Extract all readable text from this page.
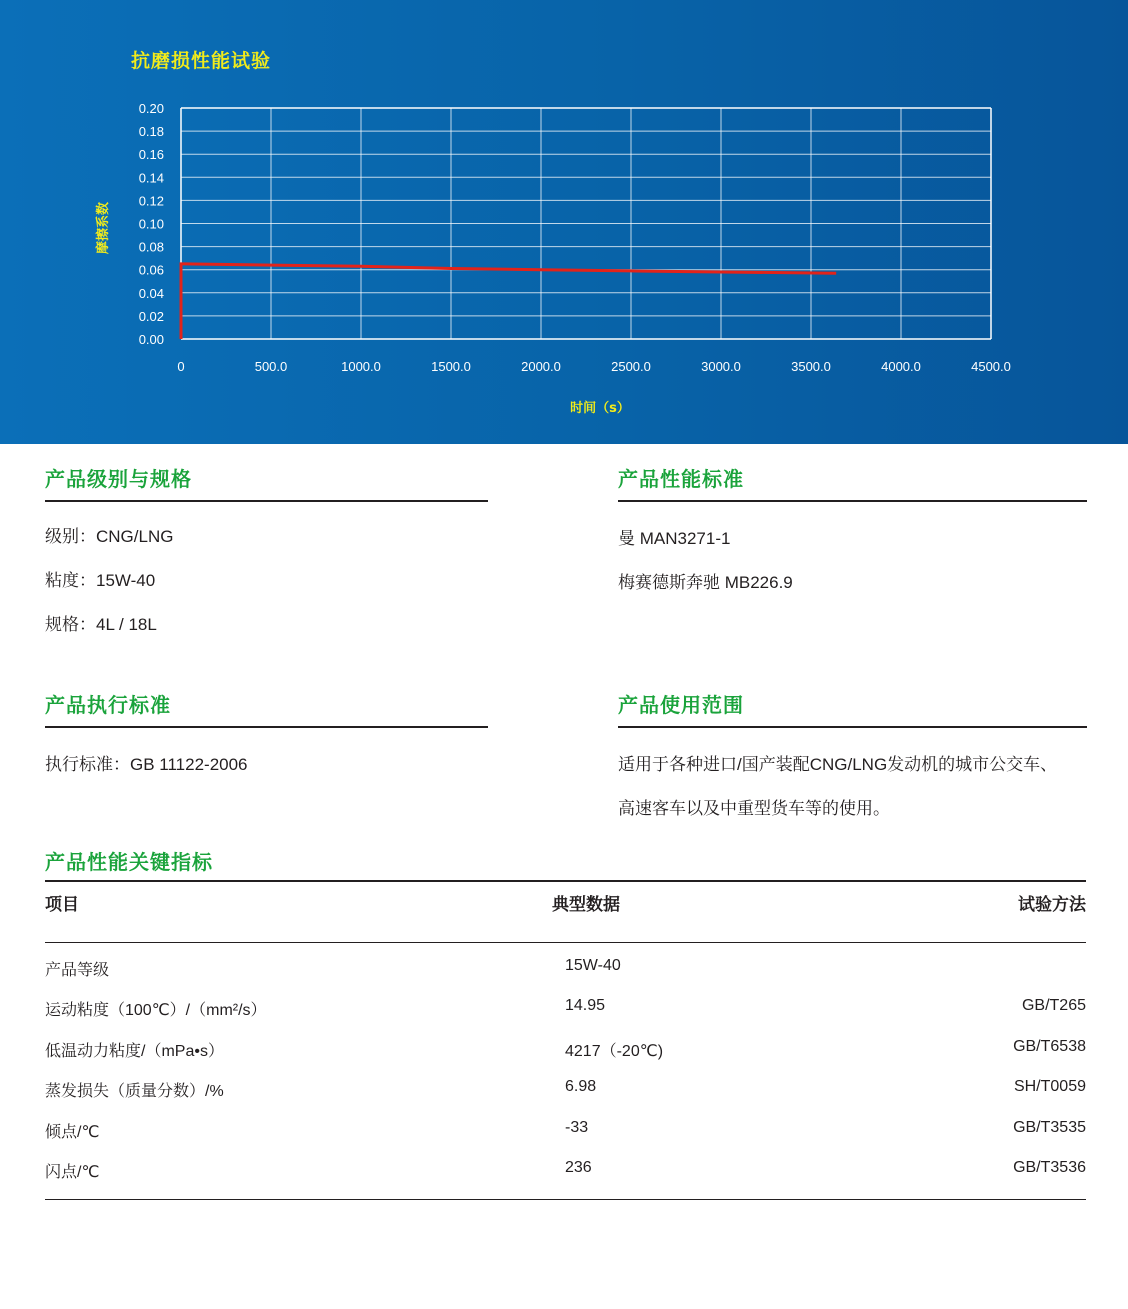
抗磨损性能试验
0	500.0	1000.0	1500.0	2000.0	2500.0	3000.0	3500.0	4000.0	4500.0
0.00
0.02
0.04
0.06
0.08
0.10
0.12
0.14
0.16
0.18
0.20
时间（s）
摩擦系数
产品级别与规格
级别：CNG/LNG
粘度：15W-40
规格：4L / 18L
产品性能标准
曼 MAN3271-1
梅赛德斯奔驰 MB226.9
产品执行标准
执行标准：GB 11122-2006
产品使用范围
适用于各种进口/国产装配CNG/LNG发动机的城市公交车、
高速客车以及中重型货车等的使用。
产品性能关键指标
项目	典型数据	试验方法
产品等级	15W-40
运动粘度（100℃）/（mm²/s）	14.95	GB/T265
低温动力粘度/（mPa•s）	4217（-20℃)	GB/T6538
蒸发损失（质量分数）/%	6.98	SH/T0059
倾点/℃	-33	GB/T3535
闪点/℃	236	GB/T3536
